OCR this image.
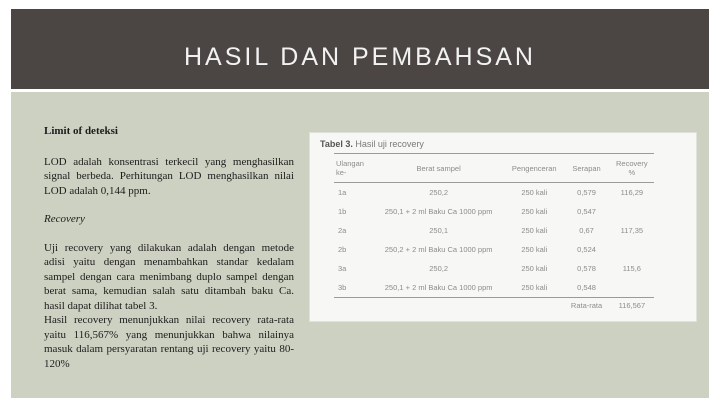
HASIL DAN PEMBAHSAN

Limit of deteksi

LOD adalah konsentrasi terkecil yang menghasilkan signal berbeda. Perhitungan LOD menghasilkan nilai LOD adalah 0,144 ppm.

Recovery

Uji recovery yang dilakukan adalah dengan metode adisi yaitu dengan menambahkan standar kedalam sampel dengan cara menimbang duplo sampel dengan berat sama, kemudian salah satu ditambah baku Ca. hasil dapat dilihat tabel 3.

Hasil recovery menunjukkan nilai recovery rata-rata yaitu 116,567% yang menunjukkan bahwa nilainya masuk dalam persyaratan rentang uji recovery yaitu 80-120%

Tabel 3. Hasil uji recovery
Ulangan ke-	Berat sampel	Pengenceran	Serapan	Recovery %
1a	250,2	250 kali	0,579	116,29
1b	250,1 + 2 ml Baku Ca 1000 ppm	250 kali	0,547	
2a	250,1	250 kali	0,67	117,35
2b	250,2 + 2 ml Baku Ca 1000 ppm	250 kali	0,524	
3a	250,2	250 kali	0,578	115,6
3b	250,1 + 2 ml Baku Ca 1000 ppm	250 kali	0,548	
			Rata-rata	116,567
